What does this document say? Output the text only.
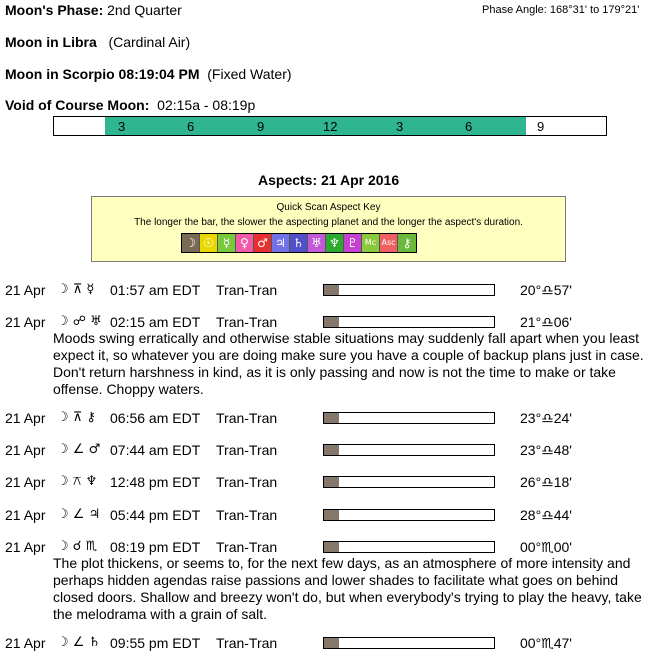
Moon's Phase: 2nd Quarter	Phase Angle: 168°31' to 179°21'
Moon in Libra (Cardinal Air)
Moon in Scorpio 08:19:04 PM (Fixed Water)
Void of Course Moon: 02:15a - 08:19p
3	6	9	12	3	6	9
Aspects: 21 Apr 2016
Quick Scan Aspect Key
The longer the bar, the slower the aspecting planet and the longer the aspect's duration.
☽ ☉ ☿ ♀ ♂ ♃ ♄ ♅ ♆ ♇ Mc Asc ⚷
21 Apr ☽ ⊼ ☿ 01:57 am EDT Tran-Tran	20°♎57'
21 Apr ☽ ☍ ♅ 02:15 am EDT Tran-Tran	21°♎06'
Moods swing erratically and otherwise stable situations may suddenly fall apart when you least expect it, so whatever you are doing make sure you have a couple of backup plans just in case. Don't return harshness in kind, as it is only passing and now is not the time to make or take offense. Choppy waters.
21 Apr ☽ ⊼ ⚷ 06:56 am EDT Tran-Tran	23°♎24'
21 Apr ☽ ∠ ♂ 07:44 am EDT Tran-Tran	23°♎48'
21 Apr ☽ ⚻ ♆ 12:48 pm EDT Tran-Tran	26°♎18'
21 Apr ☽ ∠ ♃ 05:44 pm EDT Tran-Tran	28°♎44'
21 Apr ☽ ☌ ♏ 08:19 pm EDT Tran-Tran	00°♏00'
The plot thickens, or seems to, for the next few days, as an atmosphere of more intensity and perhaps hidden agendas raise passions and lower shades to facilitate what goes on behind closed doors. Shallow and breezy won't do, but when everybody's trying to play the heavy, take the melodrama with a grain of salt.
21 Apr ☽ ∠ ♄ 09:55 pm EDT Tran-Tran	00°♏47'
